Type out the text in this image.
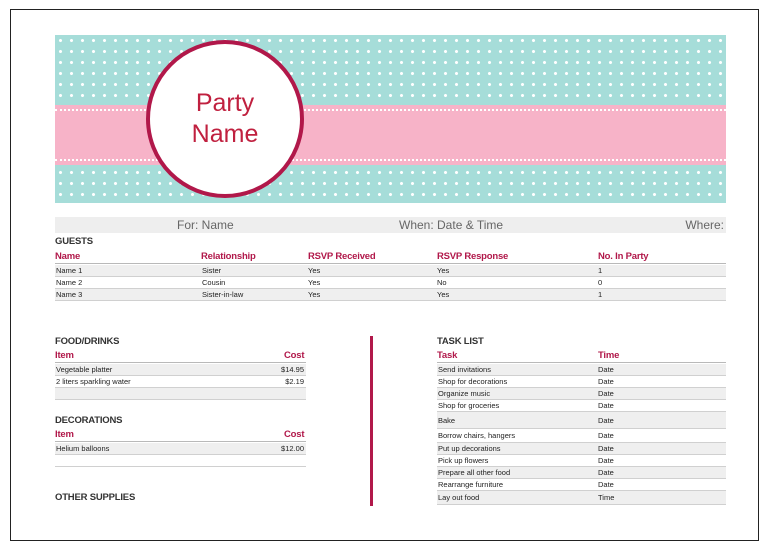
Party
Name
For: Name	When: Date & Time	Where:
GUESTS
Name	Relationship	RSVP Received	RSVP Response	No. In Party
Name 1	Sister	Yes	Yes	1
Name 2	Cousin	Yes	No	0
Name 3	Sister-in-law	Yes	Yes	1
FOOD/DRINKS
Item	Cost
Vegetable platter	$14.95
2 liters sparkling water	$2.19
DECORATIONS
Item	Cost
Helium balloons	$12.00
OTHER SUPPLIES
TASK LIST
Task	Time
Send invitations	Date
Shop for decorations	Date
Organize music	Date
Shop for groceries	Date
Bake	Date
Borrow chairs, hangers	Date
Put up decorations	Date
Pick up flowers	Date
Prepare all other food	Date
Rearrange furniture	Date
Lay out food	Time
